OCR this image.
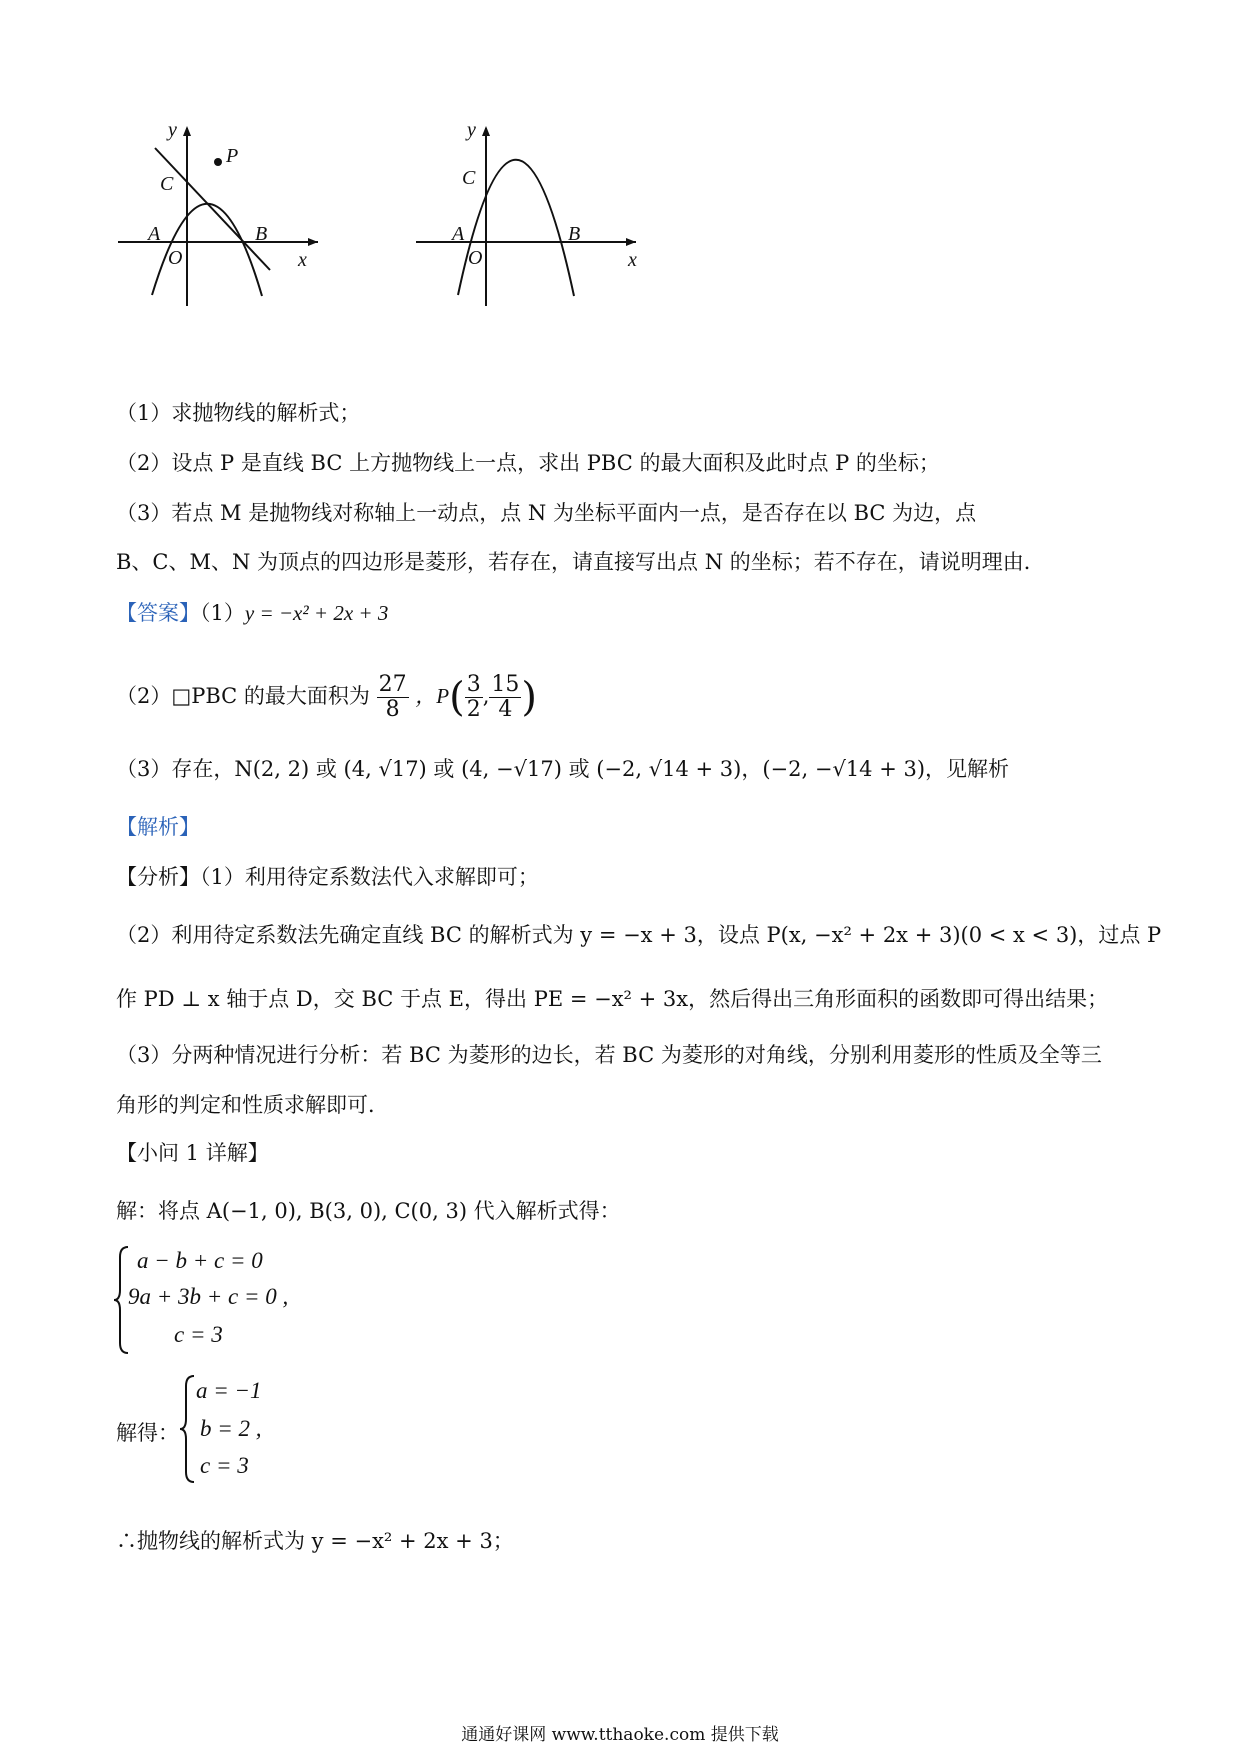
y
x
C
P
A
O
B
y
x
C
A
O
B
（1）求抛物线的解析式；
（2）设点 P 是直线 BC 上方抛物线上一点，求出 PBC 的最大面积及此时点 P 的坐标；
（3）若点 M 是抛物线对称轴上一动点，点 N 为坐标平面内一点，是否存在以 BC 为边，点
B、C、M、N 为顶点的四边形是菱形，若存在，请直接写出点 N 的坐标；若不存在，请说明理由．
【答案】（1）y = −x² + 2x + 3
（2）□PBC 的最大面积为 $\frac{27}{8}$ ，$P( \frac{3}{2}$ , $\frac{15}{4}$ )
（3）存在，N(2, 2) 或 (4, √17) 或 (4, −√17) 或 (−2, √14 + 3)，(−2, −√14 + 3)，见解析
【解析】
【分析】（1）利用待定系数法代入求解即可；
（2）利用待定系数法先确定直线 BC 的解析式为 y = −x + 3，设点 P(x, −x² + 2x + 3)(0 < x < 3)，过点 P
作 PD ⊥ x 轴于点 D，交 BC 于点 E，得出 PE = −x² + 3x，然后得出三角形面积的函数即可得出结果；
（3）分两种情况进行分析：若 BC 为菱形的边长，若 BC 为菱形的对角线，分别利用菱形的性质及全等三
角形的判定和性质求解即可．
【小问 1 详解】
解：将点 A(−1, 0), B(3, 0), C(0, 3) 代入解析式得：
a − b + c = 0
9a + 3b + c = 0 ,
c = 3
解得：
a = −1
b = 2 ,
c = 3
∴抛物线的解析式为 y = −x² + 2x + 3；
通通好课网 www.tthaoke.com 提供下载
